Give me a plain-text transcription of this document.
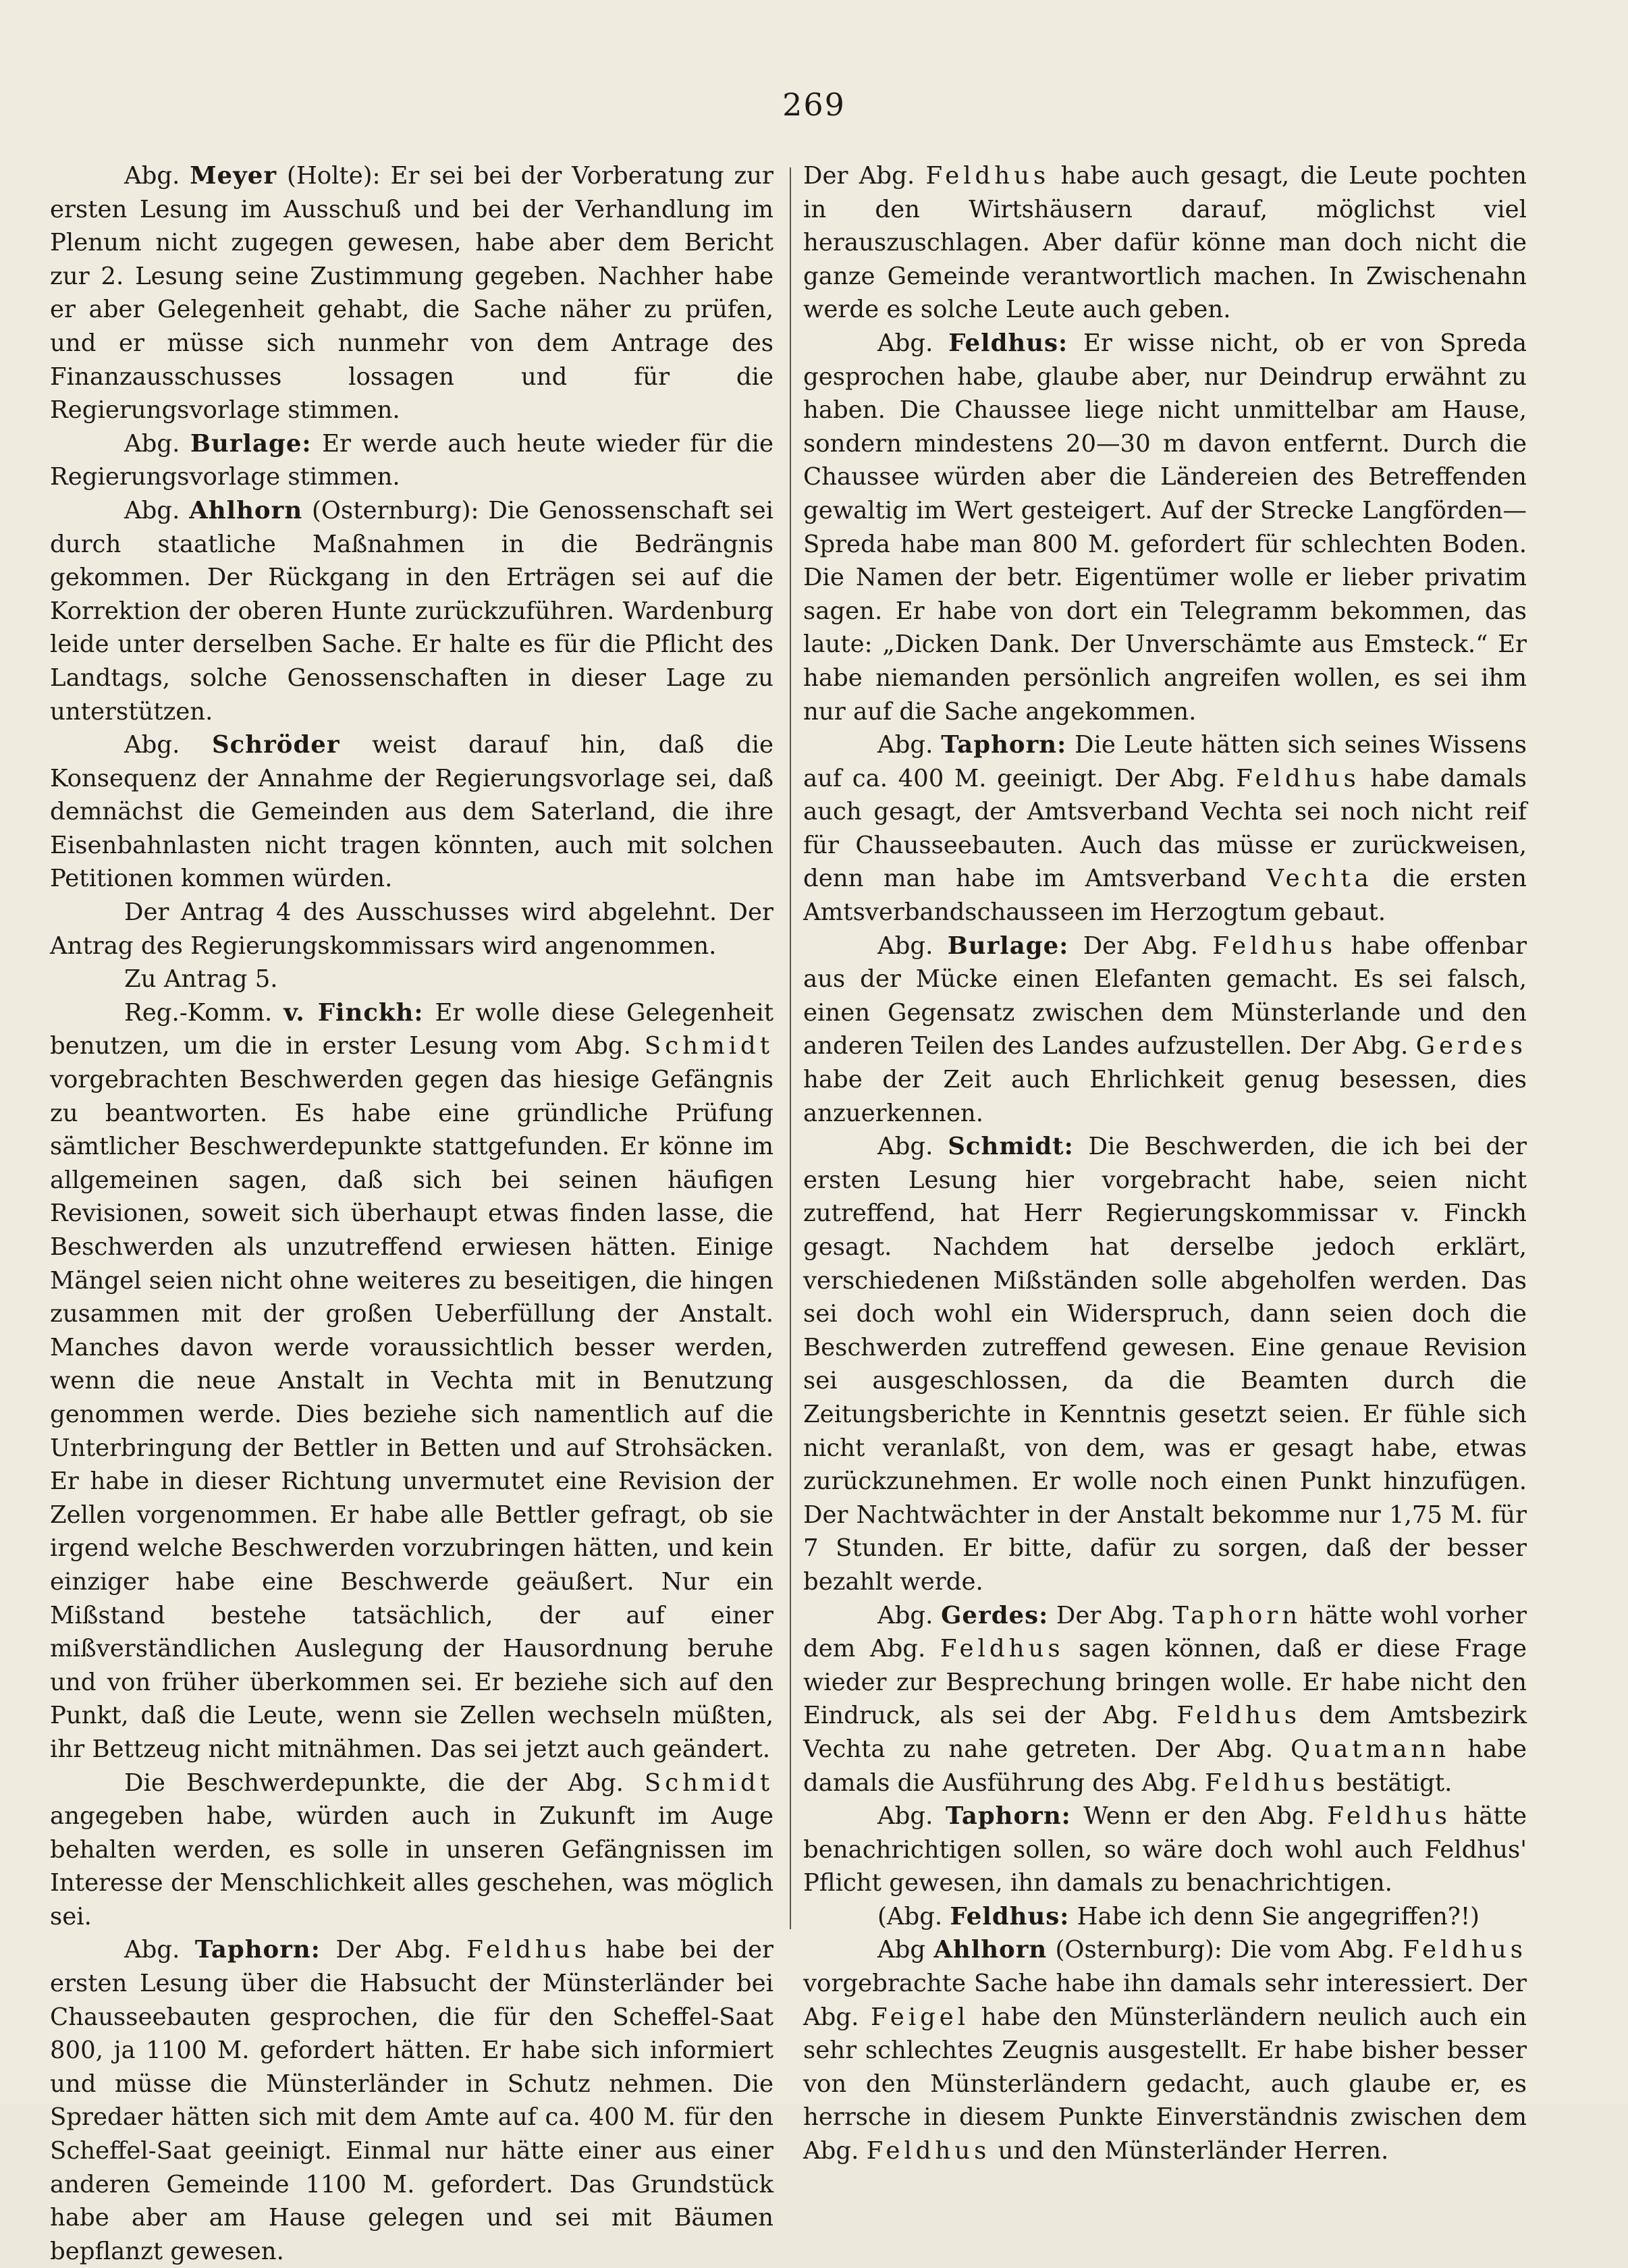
269

Abg. Meyer (Holte): Er sei bei der Vorberatung zur ersten Lesung im Ausschuß und bei der Verhandlung im Plenum nicht zugegen gewesen, habe aber dem Bericht zur 2. Lesung seine Zustimmung gegeben. Nachher habe er aber Gelegenheit gehabt, die Sache näher zu prüfen, und er müsse sich nunmehr von dem Antrage des Finanzausschusses lossagen und für die Regierungsvorlage stimmen.

Abg. Burlage: Er werde auch heute wieder für die Regierungsvorlage stimmen.

Abg. Ahlhorn (Osternburg): Die Genossenschaft sei durch staatliche Maßnahmen in die Bedrängnis gekommen. Der Rückgang in den Erträgen sei auf die Korrektion der oberen Hunte zurückzuführen. Wardenburg leide unter derselben Sache. Er halte es für die Pflicht des Landtags, solche Genossenschaften in dieser Lage zu unterstützen.

Abg. Schröder weist darauf hin, daß die Konsequenz der Annahme der Regierungsvorlage sei, daß demnächst die Gemeinden aus dem Saterland, die ihre Eisenbahnlasten nicht tragen könnten, auch mit solchen Petitionen kommen würden.

Der Antrag 4 des Ausschusses wird abgelehnt. Der Antrag des Regierungskommissars wird angenommen.

Zu Antrag 5.

Reg.-Komm. v. Finckh: Er wolle diese Gelegenheit benutzen, um die in erster Lesung vom Abg. Schmidt vorgebrachten Beschwerden gegen das hiesige Gefängnis zu beantworten. Es habe eine gründliche Prüfung sämtlicher Beschwerdepunkte stattgefunden. Er könne im allgemeinen sagen, daß sich bei seinen häufigen Revisionen, soweit sich überhaupt etwas finden lasse, die Beschwerden als unzutreffend erwiesen hätten. Einige Mängel seien nicht ohne weiteres zu beseitigen, die hingen zusammen mit der großen Ueberfüllung der Anstalt. Manches davon werde voraussichtlich besser werden, wenn die neue Anstalt in Vechta mit in Benutzung genommen werde. Dies beziehe sich namentlich auf die Unterbringung der Bettler in Betten und auf Strohsäcken. Er habe in dieser Richtung unvermutet eine Revision der Zellen vorgenommen. Er habe alle Bettler gefragt, ob sie irgend welche Beschwerden vorzubringen hätten, und kein einziger habe eine Beschwerde geäußert. Nur ein Mißstand bestehe tatsächlich, der auf einer mißverständlichen Auslegung der Hausordnung beruhe und von früher überkommen sei. Er beziehe sich auf den Punkt, daß die Leute, wenn sie Zellen wechseln müßten, ihr Bettzeug nicht mitnähmen. Das sei jetzt auch geändert.

Die Beschwerdepunkte, die der Abg. Schmidt angegeben habe, würden auch in Zukunft im Auge behalten werden, es solle in unseren Gefängnissen im Interesse der Menschlichkeit alles geschehen, was möglich sei.

Abg. Taphorn: Der Abg. Feldhus habe bei der ersten Lesung über die Habsucht der Münsterländer bei Chausseebauten gesprochen, die für den Scheffel-Saat 800, ja 1100 M. gefordert hätten. Er habe sich informiert und müsse die Münsterländer in Schutz nehmen. Die Spredaer hätten sich mit dem Amte auf ca. 400 M. für den Scheffel-Saat geeinigt. Einmal nur hätte einer aus einer anderen Gemeinde 1100 M. gefordert. Das Grundstück habe aber am Hause gelegen und sei mit Bäumen bepflanzt gewesen.

Der Abg. Feldhus habe auch gesagt, die Leute pochten in den Wirtshäusern darauf, möglichst viel herauszuschlagen. Aber dafür könne man doch nicht die ganze Gemeinde verantwortlich machen. In Zwischenahn werde es solche Leute auch geben.

Abg. Feldhus: Er wisse nicht, ob er von Spreda gesprochen habe, glaube aber, nur Deindrup erwähnt zu haben. Die Chaussee liege nicht unmittelbar am Hause, sondern mindestens 20—30 m davon entfernt. Durch die Chaussee würden aber die Ländereien des Betreffenden gewaltig im Wert gesteigert. Auf der Strecke Langförden—Spreda habe man 800 M. gefordert für schlechten Boden. Die Namen der betr. Eigentümer wolle er lieber privatim sagen. Er habe von dort ein Telegramm bekommen, das laute: „Dicken Dank. Der Unverschämte aus Emsteck.“ Er habe niemanden persönlich angreifen wollen, es sei ihm nur auf die Sache angekommen.

Abg. Taphorn: Die Leute hätten sich seines Wissens auf ca. 400 M. geeinigt. Der Abg. Feldhus habe damals auch gesagt, der Amtsverband Vechta sei noch nicht reif für Chausseebauten. Auch das müsse er zurückweisen, denn man habe im Amtsverband Vechta die ersten Amtsverbandschausseen im Herzogtum gebaut.

Abg. Burlage: Der Abg. Feldhus habe offenbar aus der Mücke einen Elefanten gemacht. Es sei falsch, einen Gegensatz zwischen dem Münsterlande und den anderen Teilen des Landes aufzustellen. Der Abg. Gerdes habe der Zeit auch Ehrlichkeit genug besessen, dies anzuerkennen.

Abg. Schmidt: Die Beschwerden, die ich bei der ersten Lesung hier vorgebracht habe, seien nicht zutreffend, hat Herr Regierungskommissar v. Finckh gesagt. Nachdem hat derselbe jedoch erklärt, verschiedenen Mißständen solle abgeholfen werden. Das sei doch wohl ein Widerspruch, dann seien doch die Beschwerden zutreffend gewesen. Eine genaue Revision sei ausgeschlossen, da die Beamten durch die Zeitungsberichte in Kenntnis gesetzt seien. Er fühle sich nicht veranlaßt, von dem, was er gesagt habe, etwas zurückzunehmen. Er wolle noch einen Punkt hinzufügen. Der Nachtwächter in der Anstalt bekomme nur 1,75 M. für 7 Stunden. Er bitte, dafür zu sorgen, daß der besser bezahlt werde.

Abg. Gerdes: Der Abg. Taphorn hätte wohl vorher dem Abg. Feldhus sagen können, daß er diese Frage wieder zur Besprechung bringen wolle. Er habe nicht den Eindruck, als sei der Abg. Feldhus dem Amtsbezirk Vechta zu nahe getreten. Der Abg. Quatmann habe damals die Ausführung des Abg. Feldhus bestätigt.

Abg. Taphorn: Wenn er den Abg. Feldhus hätte benachrichtigen sollen, so wäre doch wohl auch Feldhus' Pflicht gewesen, ihn damals zu benachrichtigen.

(Abg. Feldhus: Habe ich denn Sie angegriffen?!)

Abg Ahlhorn (Osternburg): Die vom Abg. Feldhus vorgebrachte Sache habe ihn damals sehr interessiert. Der Abg. Feigel habe den Münsterländern neulich auch ein sehr schlechtes Zeugnis ausgestellt. Er habe bisher besser von den Münsterländern gedacht, auch glaube er, es herrsche in diesem Punkte Einverständnis zwischen dem Abg. Feldhus und den Münsterländer Herren.
